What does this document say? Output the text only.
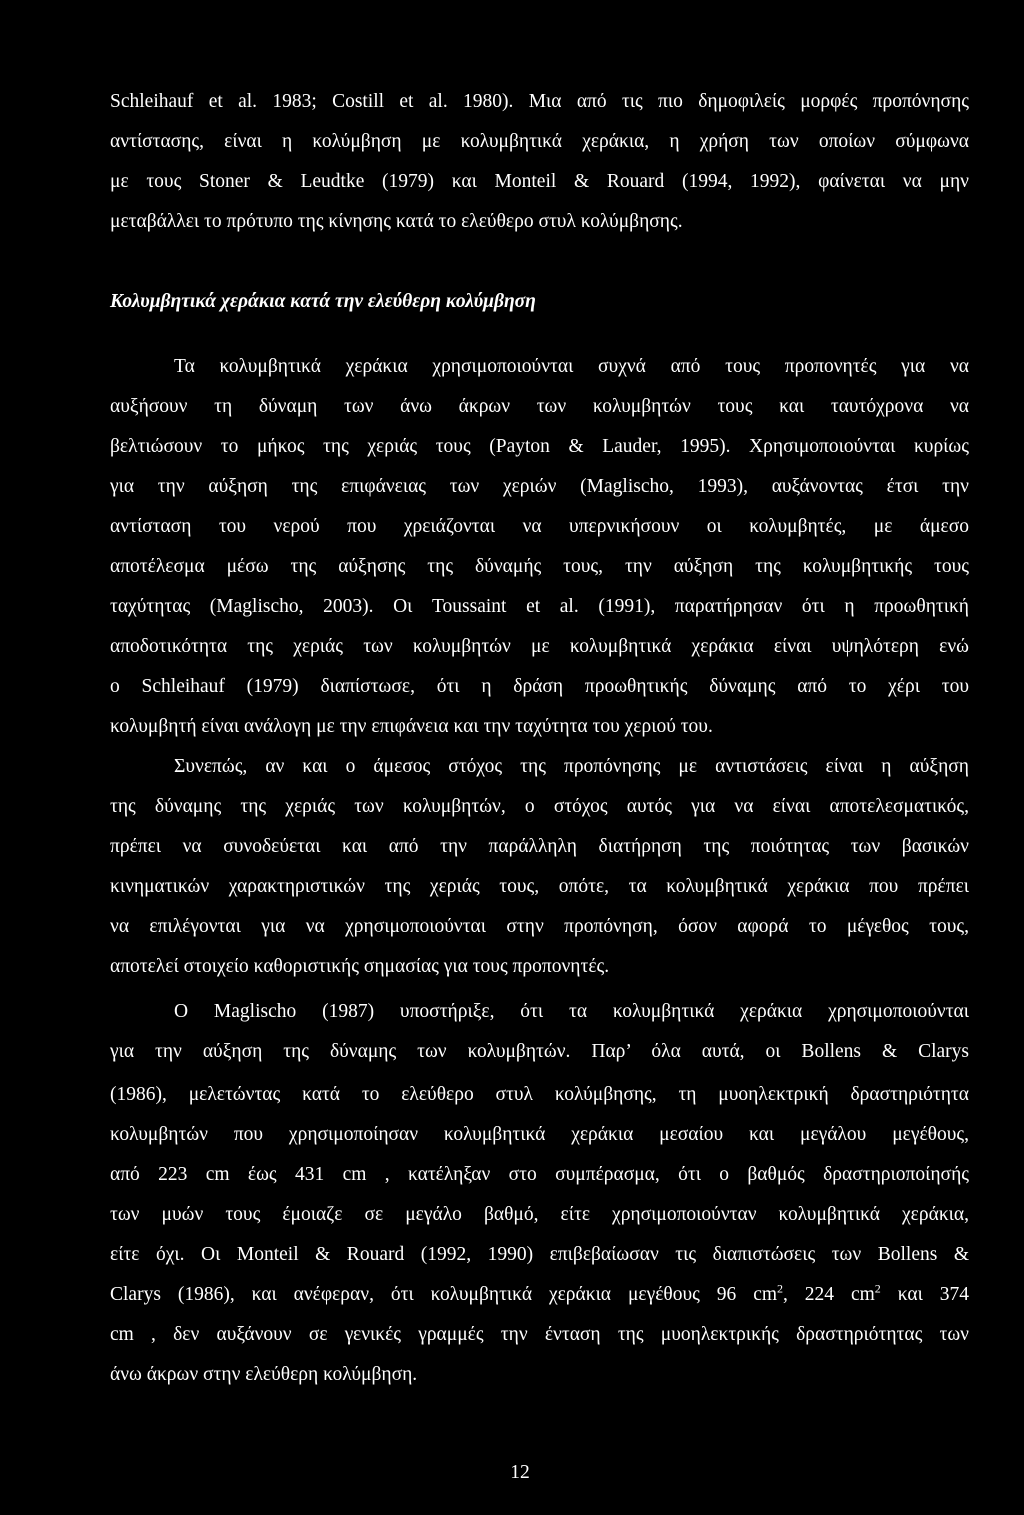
Schleihauf et al. 1983; Costill et al. 1980). Μια από τις πιο δημοφιλείς μορφές προπόνησης
αντίστασης, είναι η κολύμβηση με κολυμβητικά χεράκια, η χρήση των οποίων σύμφωνα
με τους Stoner & Leudtke (1979) και Monteil & Rouard (1994, 1992), φαίνεται να μην
μεταβάλλει το πρότυπο της κίνησης κατά το ελεύθερο στυλ κολύμβησης.
Κολυμβητικά χεράκια κατά την ελεύθερη κολύμβηση
Τα κολυμβητικά χεράκια χρησιμοποιούνται συχνά από τους προπονητές για να
αυξήσουν τη δύναμη των άνω άκρων των κολυμβητών τους και ταυτόχρονα να
βελτιώσουν το μήκος της χεριάς τους (Payton & Lauder, 1995). Χρησιμοποιούνται κυρίως
για την αύξηση της επιφάνειας των χεριών (Maglischo, 1993), αυξάνοντας έτσι την
αντίσταση του νερού που χρειάζονται να υπερνικήσουν οι κολυμβητές, με άμεσο
αποτέλεσμα μέσω της αύξησης της δύναμής τους, την αύξηση της κολυμβητικής τους
ταχύτητας (Maglischo, 2003). Οι Toussaint et al. (1991), παρατήρησαν ότι η προωθητική
αποδοτικότητα της χεριάς των κολυμβητών με κολυμβητικά χεράκια είναι υψηλότερη ενώ
ο Schleihauf (1979) διαπίστωσε, ότι η δράση προωθητικής δύναμης από το χέρι του
κολυμβητή είναι ανάλογη με την επιφάνεια και την ταχύτητα του χεριού του.
Συνεπώς, αν και ο άμεσος στόχος της προπόνησης με αντιστάσεις είναι η αύξηση
της δύναμης της χεριάς των κολυμβητών, ο στόχος αυτός για να είναι αποτελεσματικός,
πρέπει να συνοδεύεται και από την παράλληλη διατήρηση της ποιότητας των βασικών
κινηματικών χαρακτηριστικών της χεριάς τους, οπότε, τα κολυμβητικά χεράκια που πρέπει
να επιλέγονται για να χρησιμοποιούνται στην προπόνηση, όσον αφορά το μέγεθος τους,
αποτελεί στοιχείο καθοριστικής σημασίας για τους προπονητές.
Ο Maglischo (1987) υποστήριξε, ότι τα κολυμβητικά χεράκια χρησιμοποιούνται
για την αύξηση της δύναμης των κολυμβητών. Παρ’ όλα αυτά, οι Bollens & Clarys
(1986), μελετώντας κατά το ελεύθερο στυλ κολύμβησης, τη μυοηλεκτρική δραστηριότητα
κολυμβητών που χρησιμοποίησαν κολυμβητικά χεράκια μεσαίου και μεγάλου μεγέθους,
από 223 cm έως 431 cm , κατέληξαν στο συμπέρασμα, ότι ο βαθμός δραστηριοποίησής
των μυών τους έμοιαζε σε μεγάλο βαθμό, είτε χρησιμοποιούνταν κολυμβητικά χεράκια,
είτε όχι. Οι Monteil & Rouard (1992, 1990) επιβεβαίωσαν τις διαπιστώσεις των Bollens &
Clarys (1986), και ανέφεραν, ότι κολυμβητικά χεράκια μεγέθους 96 $cm^2$, 224 $cm^2$ και 374
cm , δεν αυξάνουν σε γενικές γραμμές την ένταση της μυοηλεκτρικής δραστηριότητας των
άνω άκρων στην ελεύθερη κολύμβηση.
12
